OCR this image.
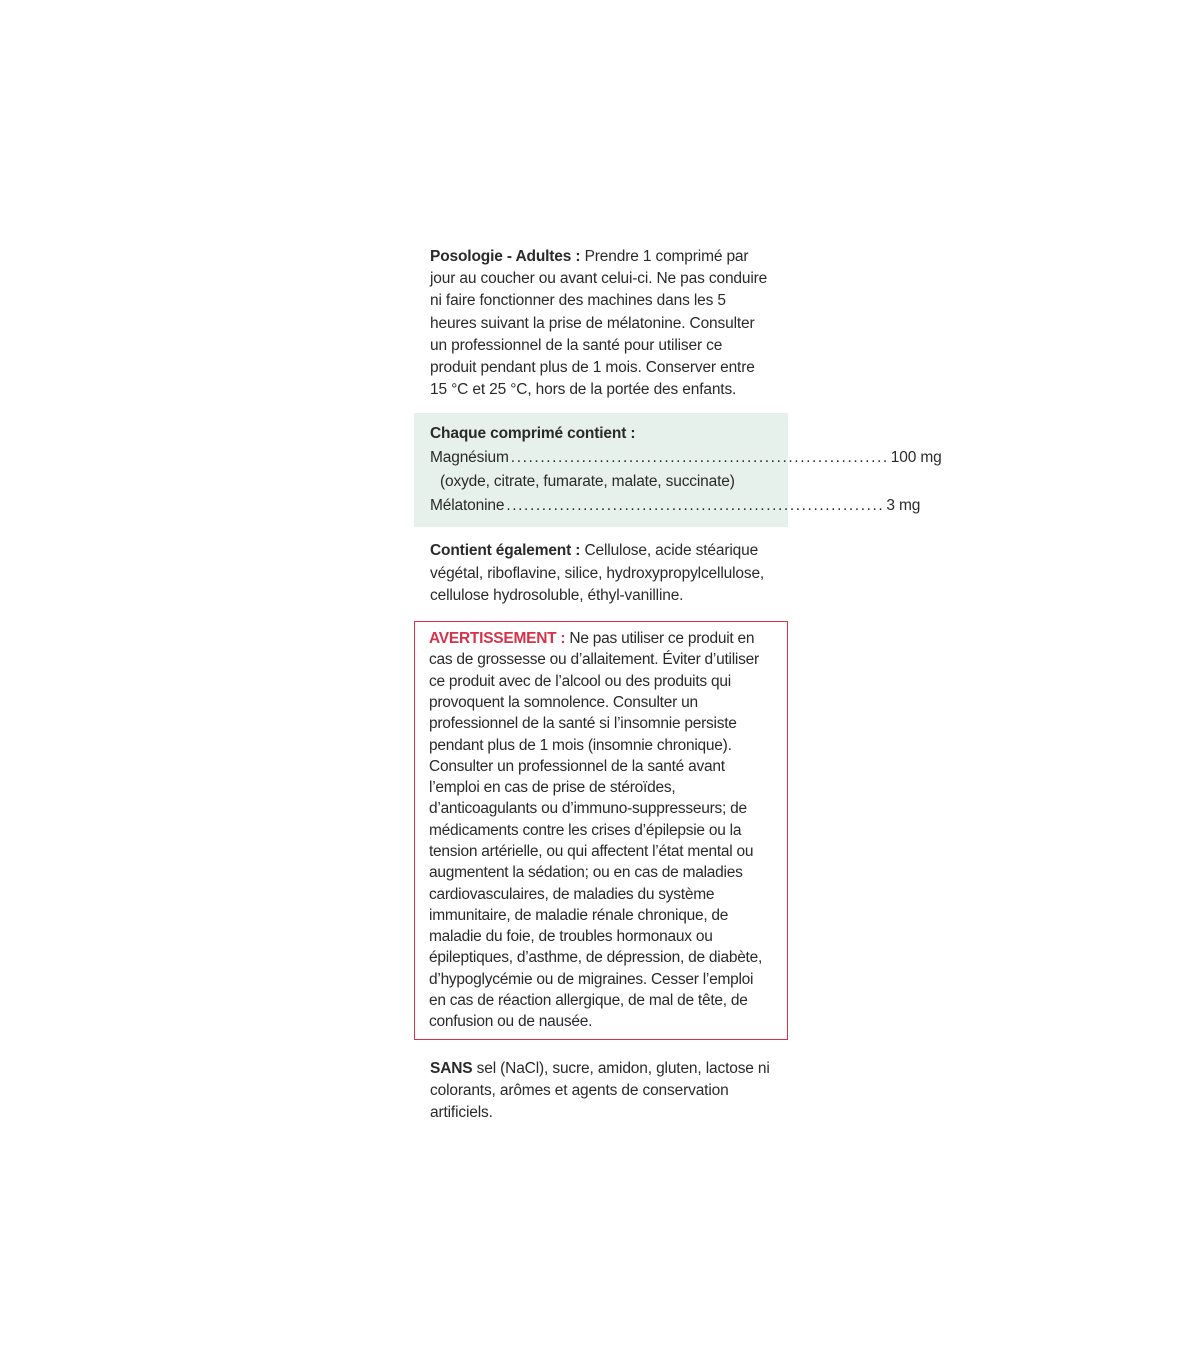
Posologie - Adultes : Prendre 1 comprimé par jour au coucher ou avant celui-ci. Ne pas conduire ni faire fonctionner des machines dans les 5 heures suivant la prise de mélatonine. Consulter un professionnel de la santé pour utiliser ce produit pendant plus de 1 mois. Conserver entre 15 °C et 25 °C, hors de la portée des enfants.

Chaque comprimé contient :
Magnésium ................................................................ 100 mg
(oxyde, citrate, fumarate, malate, succinate)
Mélatonine ................................................................ 3 mg

Contient également : Cellulose, acide stéarique végétal, riboflavine, silice, hydroxypropylcellulose, cellulose hydrosoluble, éthyl-vanilline.

AVERTISSEMENT : Ne pas utiliser ce produit en cas de grossesse ou d’allaitement. Éviter d’utiliser ce produit avec de l’alcool ou des produits qui provoquent la somnolence. Consulter un professionnel de la santé si l’insomnie persiste pendant plus de 1 mois (insomnie chronique). Consulter un professionnel de la santé avant l’emploi en cas de prise de stéroïdes, d’anticoagulants ou d’immuno-suppresseurs; de médicaments contre les crises d’épilepsie ou la tension artérielle, ou qui affectent l’état mental ou augmentent la sédation; ou en cas de maladies cardiovasculaires, de maladies du système immunitaire, de maladie rénale chronique, de maladie du foie, de troubles hormonaux ou épileptiques, d’asthme, de dépression, de diabète, d’hypoglycémie ou de migraines. Cesser l’emploi en cas de réaction allergique, de mal de tête, de confusion ou de nausée.

SANS sel (NaCl), sucre, amidon, gluten, lactose ni colorants, arômes et agents de conservation artificiels.
